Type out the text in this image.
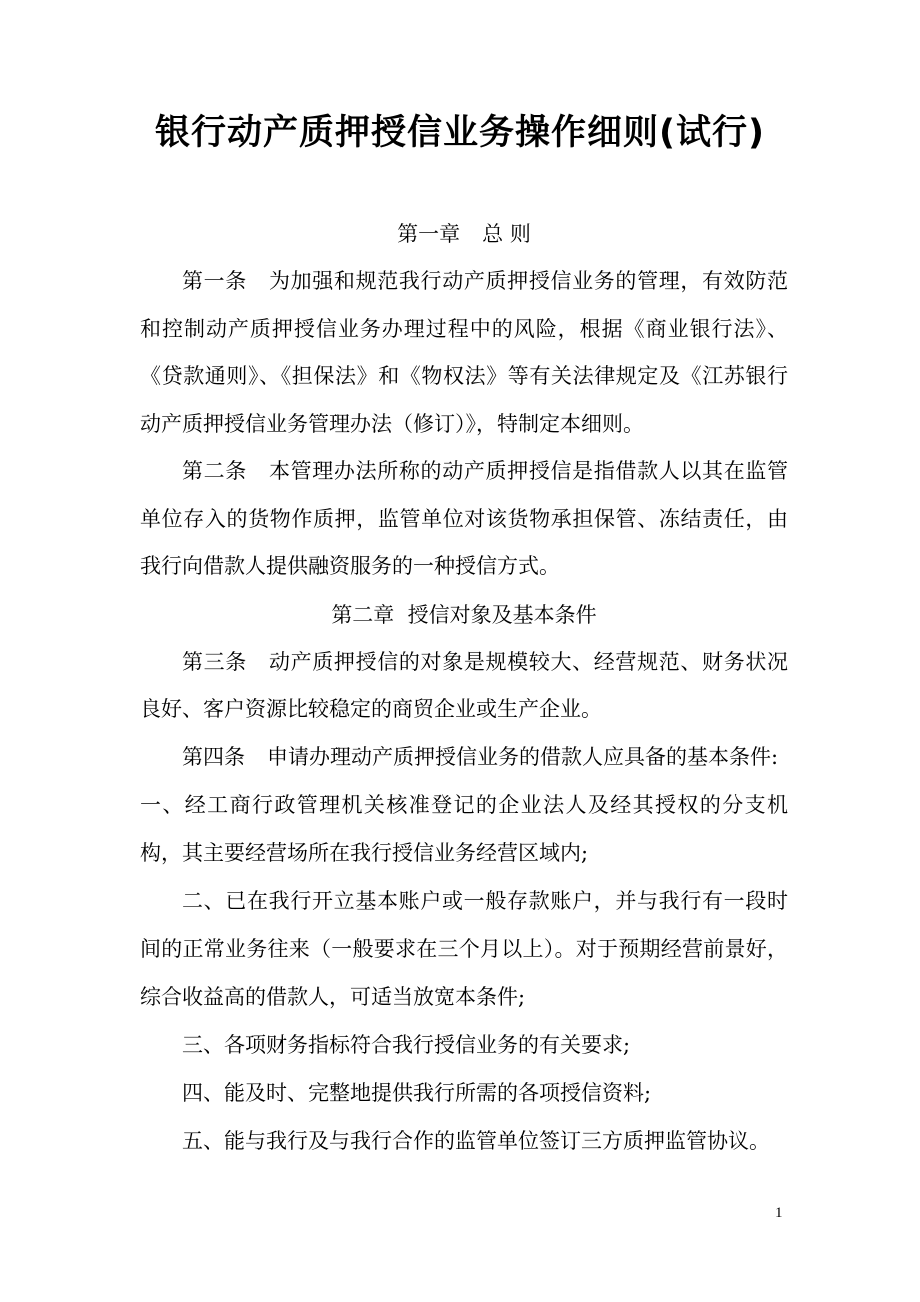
银行动产质押授信业务操作细则(试行)

第一章 总 则

第一条 为加强和规范我行动产质押授信业务的管理，有效防范和控制动产质押授信业务办理过程中的风险，根据《商业银行法》、《贷款通则》、《担保法》和《物权法》等有关法律规定及《江苏银行动产质押授信业务管理办法（修订）》，特制定本细则。

第二条 本管理办法所称的动产质押授信是指借款人以其在监管单位存入的货物作质押，监管单位对该货物承担保管、冻结责任，由我行向借款人提供融资服务的一种授信方式。

第二章  授信对象及基本条件

第三条 动产质押授信的对象是规模较大、经营规范、财务状况良好、客户资源比较稳定的商贸企业或生产企业。

第四条 申请办理动产质押授信业务的借款人应具备的基本条件:

一、经工商行政管理机关核准登记的企业法人及经其授权的分支机构，其主要经营场所在我行授信业务经营区域内;

二、已在我行开立基本账户或一般存款账户，并与我行有一段时间的正常业务往来（一般要求在三个月以上）。对于预期经营前景好，综合收益高的借款人，可适当放宽本条件;

三、各项财务指标符合我行授信业务的有关要求;

四、能及时、完整地提供我行所需的各项授信资料;

五、能与我行及与我行合作的监管单位签订三方质押监管协议。

1
